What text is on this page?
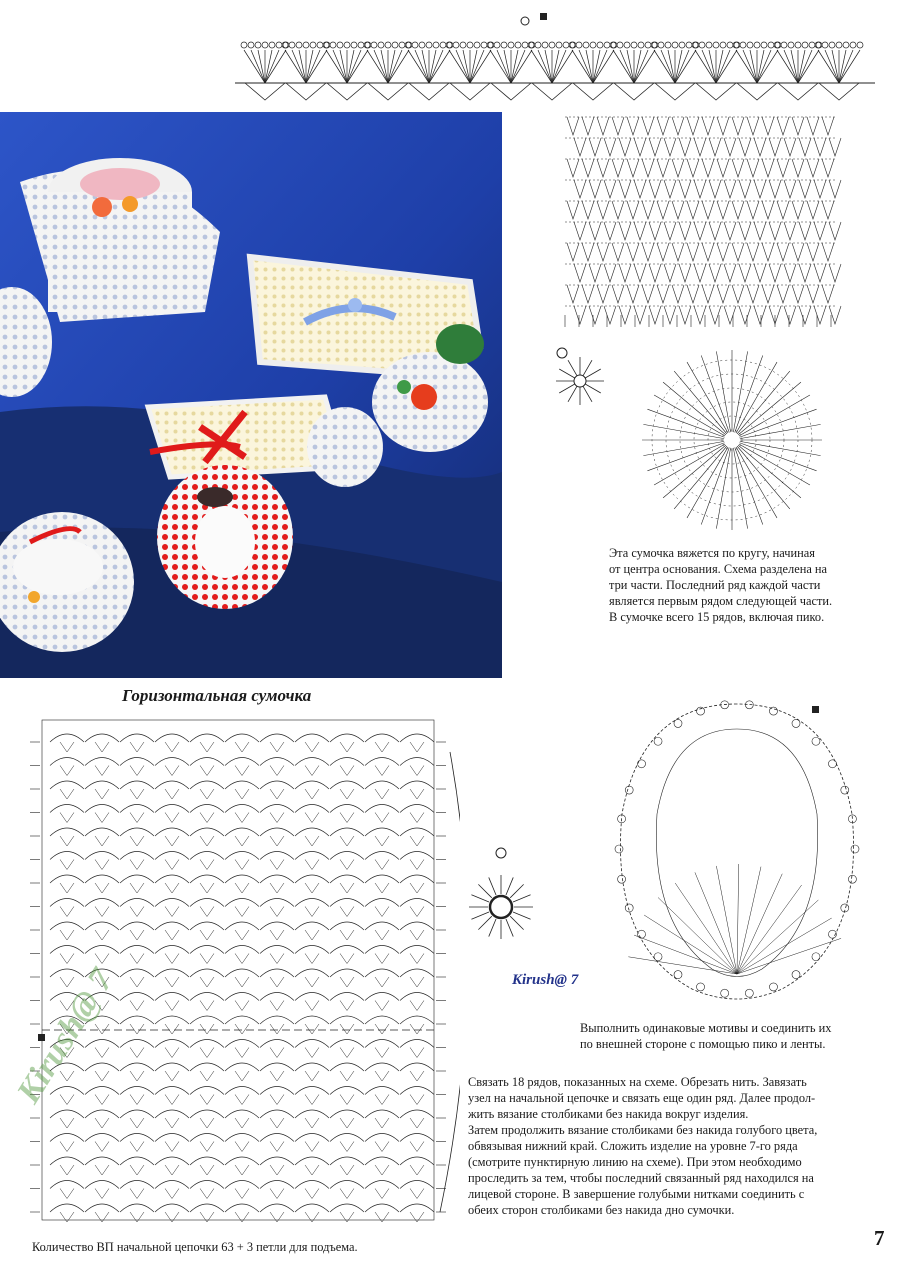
Эта сумочка вяжется по кругу, начиная
от центра основания. Схема разделена на
три части. Последний ряд каждой части
является первым рядом следующей части.
В сумочке всего 15 рядов, включая пико.
Горизонтальная сумочка
Kirush@ 7
Выполнить одинаковые мотивы и соединить их
по внешней стороне с помощью пико и ленты.
Связать 18 рядов, показанных на схеме. Обрезать нить. Завязать
узел на начальной цепочке и связать еще один ряд. Далее продол-
жить вязание столбиками без накида вокруг изделия.
Затем продолжить вязание столбиками без накида голубого цвета,
обвязывая нижний край. Сложить изделие на уровне 7-го ряда
(смотрите пунктирную линию на схеме). При этом необходимо
проследить за тем, чтобы последний связанный ряд находился на
лицевой стороне. В завершение голубыми нитками соединить с
обеих сторон столбиками без накида дно сумочки.
Количество ВП начальной цепочки 63 + 3 петли для подъема.	7
Kirush@ 7
